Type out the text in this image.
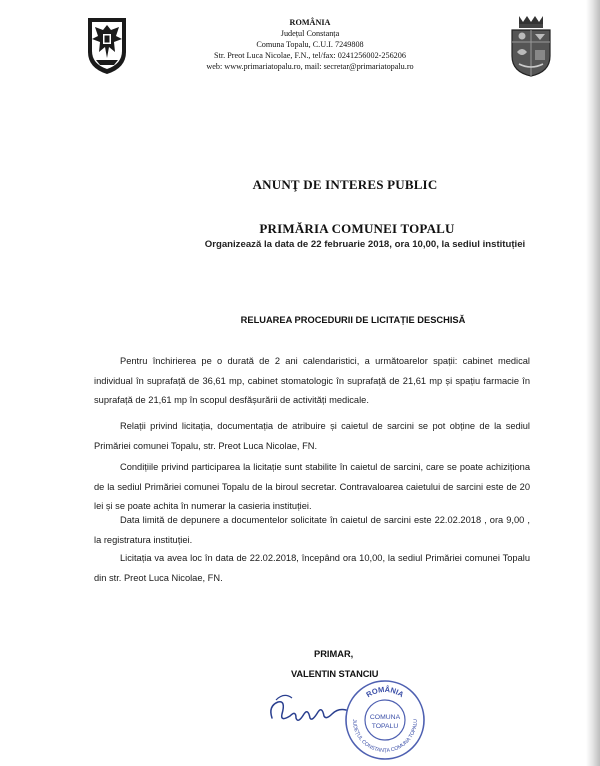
ROMÂNIA
Județul Constanța
Comuna Topalu, C.U.I. 7249808
Str. Preot Luca Nicolae, F.N., tel/fax: 0241256002-256206
web: www.primariatopalu.ro, mail: secretar@primariatopalu.ro
ANUNŢ DE INTERES PUBLIC
PRIMĂRIA COMUNEI TOPALU
Organizează la data de 22 februarie 2018, ora 10,00, la sediul instituției
RELUAREA PROCEDURII DE LICITAȚIE DESCHISĂ
Pentru închirierea pe o durată de 2 ani calendaristici, a următoarelor spații: cabinet medical individual în suprafață de 36,61 mp, cabinet stomatologic în suprafață de 21,61 mp și spațiu farmacie în suprafață de 21,61 mp în scopul desfășurării de activități medicale.
Relații privind licitația, documentația de atribuire și caietul de sarcini se pot obține de la sediul Primăriei comunei Topalu, str. Preot Luca Nicolae, FN.
Condițiile privind participarea la licitație sunt stabilite în caietul de sarcini, care se poate achiziționa de la sediul Primăriei comunei Topalu de la biroul secretar. Contravaloarea caietului de sarcini este de 20 lei și se poate achita în numerar la casieria instituției.
Data limită de depunere a documentelor solicitate în caietul de sarcini este 22.02.2018 , ora 9,00 , la registratura instituției.
Licitația va avea loc în data de 22.02.2018, începând ora 10,00, la sediul Primăriei comunei Topalu din str. Preot Luca Nicolae, FN.
PRIMAR,
VALENTIN STANCIU
ROMÂNIA
JUDEȚUL CONSTANȚA COMUNA TOPALU
COMUNA
TOPALU
